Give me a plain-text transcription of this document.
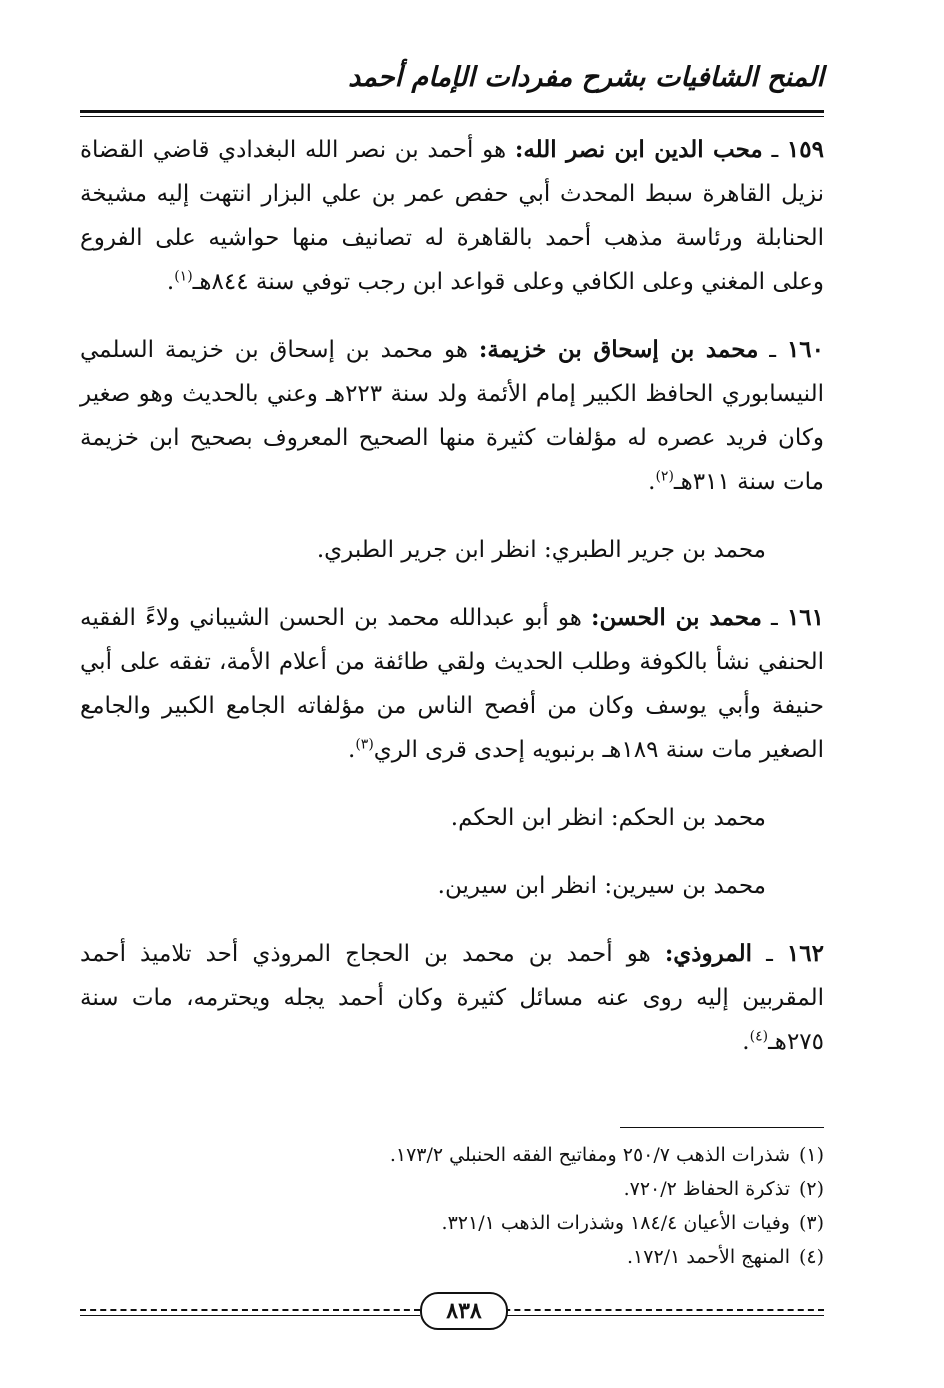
المنح الشافيات بشرح مفردات الإمام أحمد

١٥٩ ـ محب الدين ابن نصر الله: هو أحمد بن نصر الله البغدادي قاضي القضاة نزيل القاهرة سبط المحدث أبي حفص عمر بن علي البزار انتهت إليه مشيخة الحنابلة ورئاسة مذهب أحمد بالقاهرة له تصانيف منها حواشيه على الفروع وعلى المغني وعلى الكافي وعلى قواعد ابن رجب توفي سنة ٨٤٤هـ$^{(١)}$.

١٦٠ ـ محمد بن إسحاق بن خزيمة: هو محمد بن إسحاق بن خزيمة السلمي النيسابوري الحافظ الكبير إمام الأئمة ولد سنة ٢٢٣هـ وعني بالحديث وهو صغير وكان فريد عصره له مؤلفات كثيرة منها الصحيح المعروف بصحيح ابن خزيمة مات سنة ٣١١هـ$^{(٢)}$.

محمد بن جرير الطبري: انظر ابن جرير الطبري.

١٦١ ـ محمد بن الحسن: هو أبو عبدالله محمد بن الحسن الشيباني ولاءً الفقيه الحنفي نشأ بالكوفة وطلب الحديث ولقي طائفة من أعلام الأمة، تفقه على أبي حنيفة وأبي يوسف وكان من أفصح الناس من مؤلفاته الجامع الكبير والجامع الصغير مات سنة ١٨٩هـ برنبويه إحدى قرى الري$^{(٣)}$.

محمد بن الحكم: انظر ابن الحكم.

محمد بن سيرين: انظر ابن سيرين.

١٦٢ ـ المروذي: هو أحمد بن محمد بن الحجاج المروذي أحد تلاميذ أحمد المقربين إليه روى عنه مسائل كثيرة وكان أحمد يجله ويحترمه، مات سنة ٢٧٥هـ$^{(٤)}$.

(١)شذرات الذهب ٢٥٠/٧ ومفاتيح الفقه الحنبلي ١٧٣/٢.
(٢)تذكرة الحفاظ ٧٢٠/٢.
(٣)وفيات الأعيان ١٨٤/٤ وشذرات الذهب ٣٢١/١.
(٤)المنهج الأحمد ١٧٢/١.
٨٣٨
